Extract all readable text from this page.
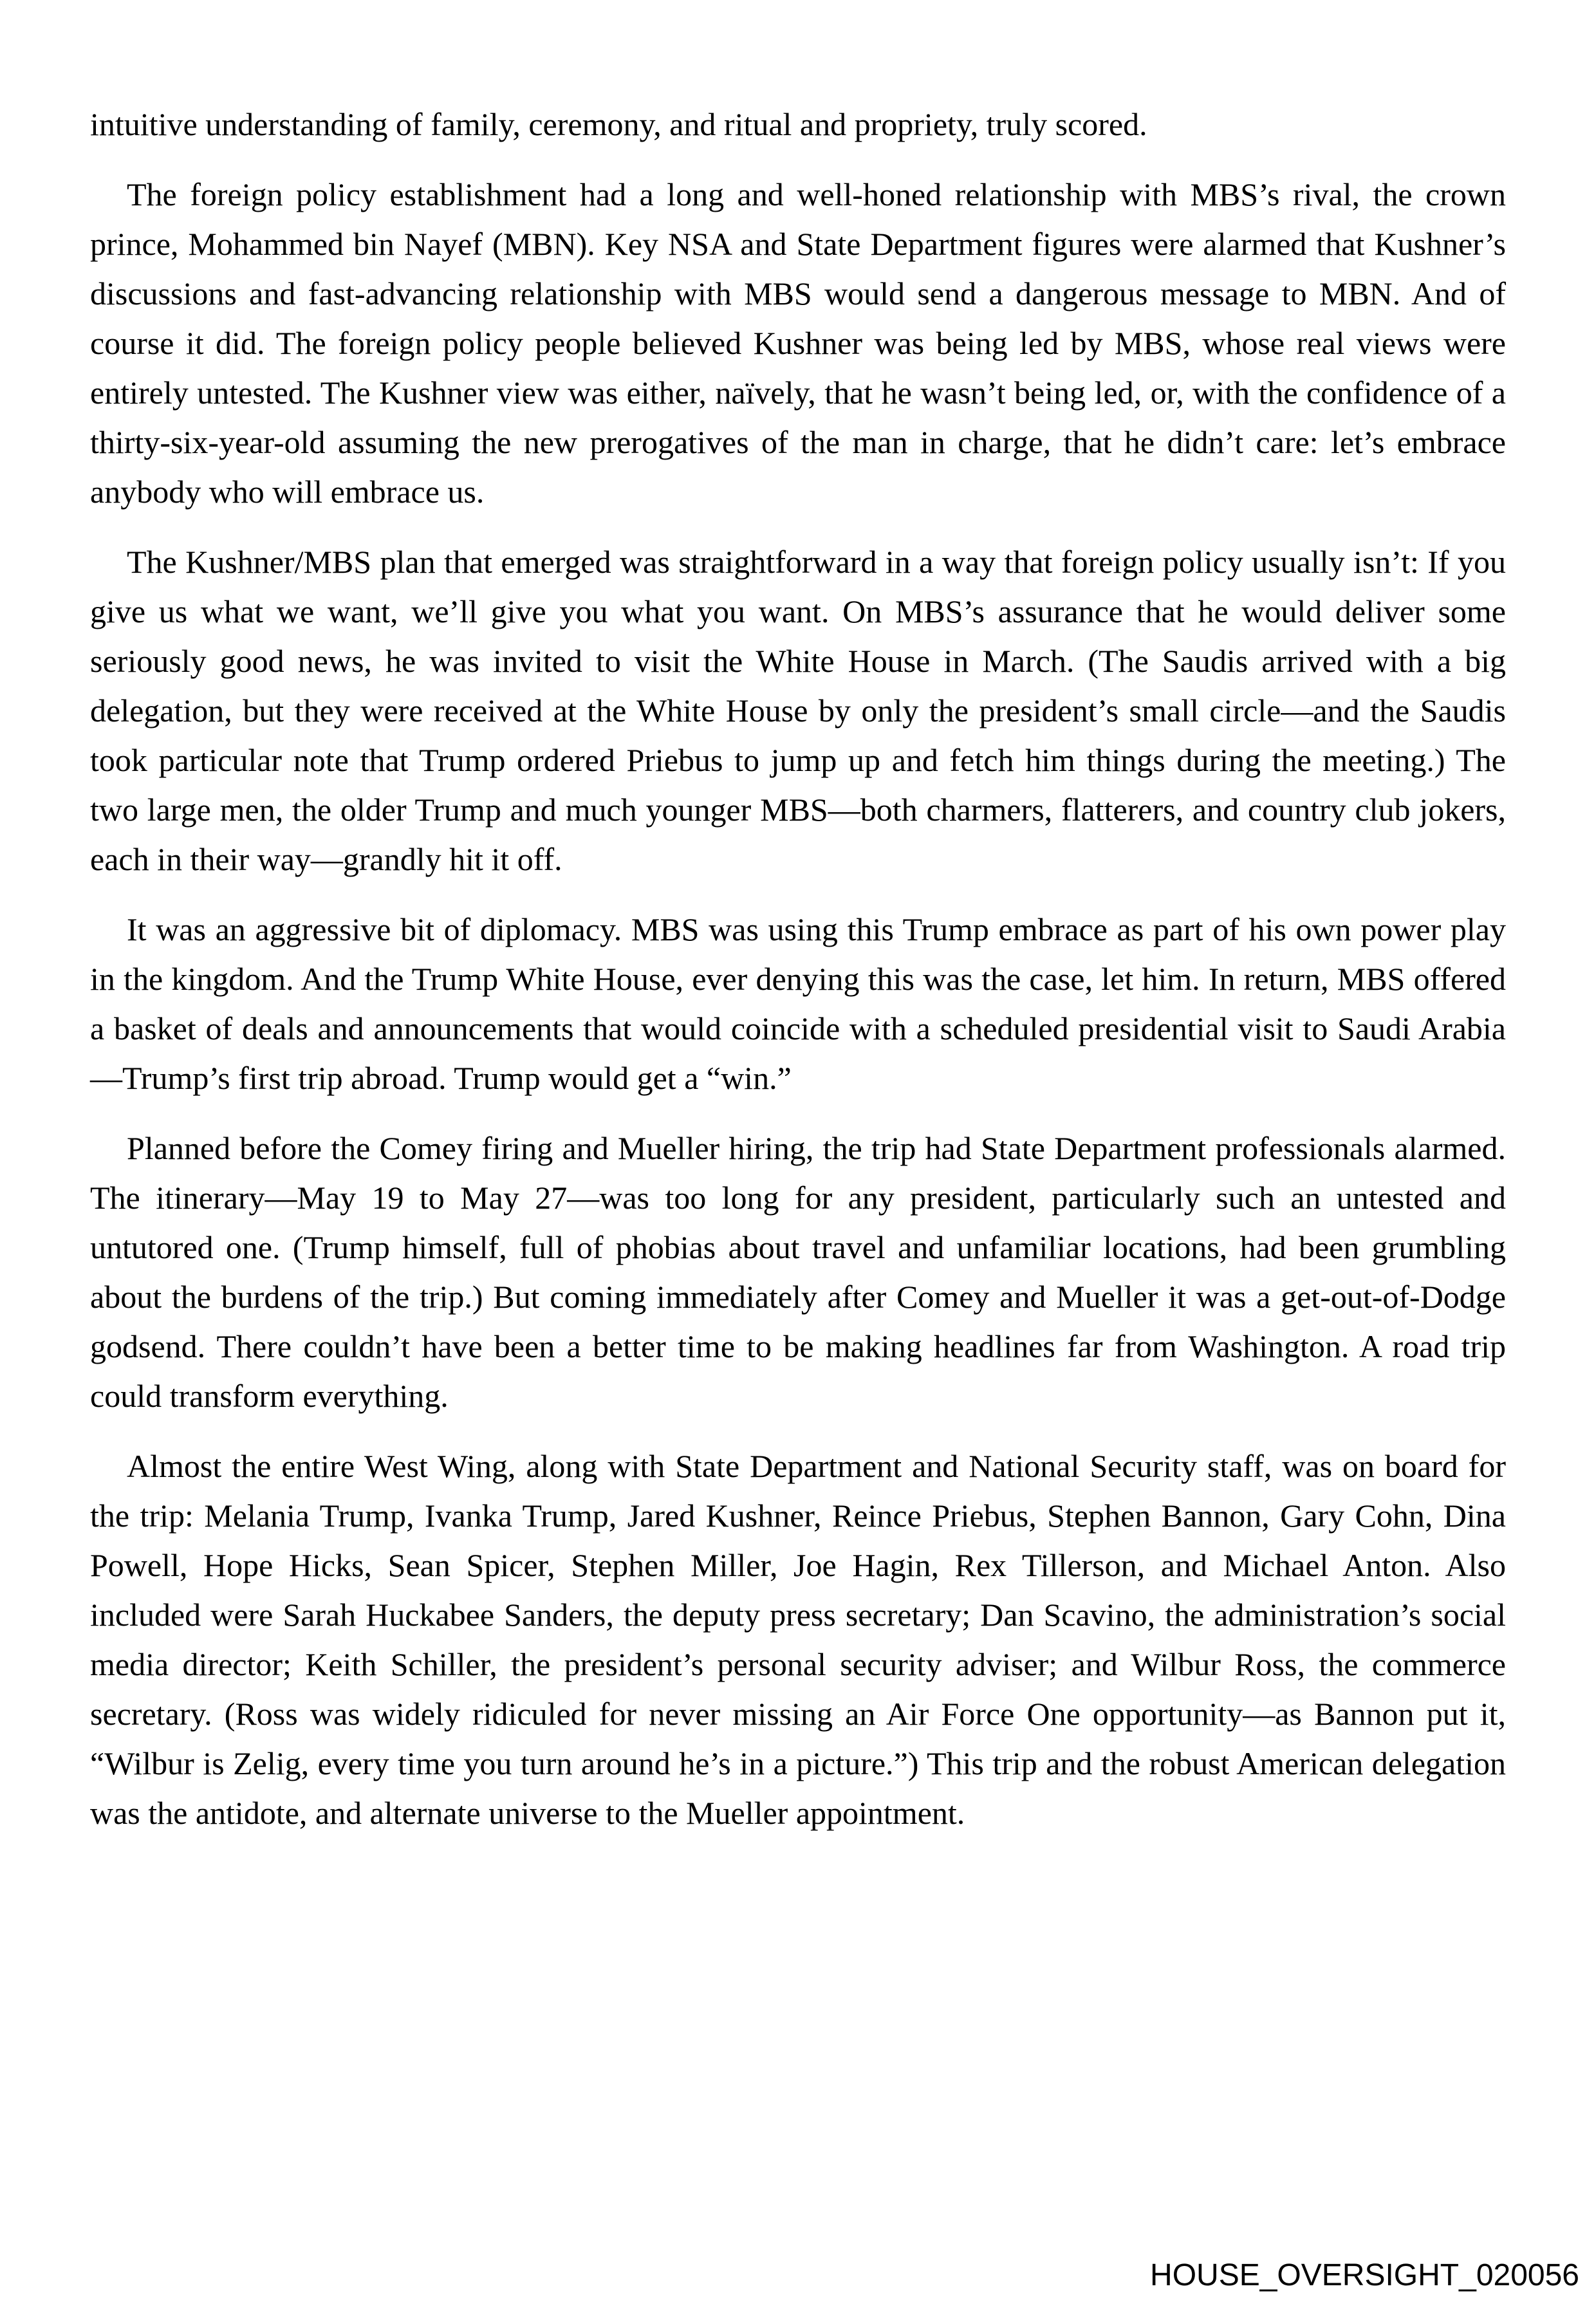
intuitive understanding of family, ceremony, and ritual and propriety, truly scored.

The foreign policy establishment had a long and well-honed relationship with MBS’s rival, the crown prince, Mohammed bin Nayef (MBN). Key NSA and State Department figures were alarmed that Kushner’s discussions and fast-advancing relationship with MBS would send a dangerous message to MBN. And of course it did. The foreign policy people believed Kushner was being led by MBS, whose real views were entirely untested. The Kushner view was either, naïvely, that he wasn’t being led, or, with the confidence of a thirty-six-year-old assuming the new prerogatives of the man in charge, that he didn’t care: let’s embrace anybody who will embrace us.

The Kushner/MBS plan that emerged was straightforward in a way that foreign policy usually isn’t: If you give us what we want, we’ll give you what you want. On MBS’s assurance that he would deliver some seriously good news, he was invited to visit the White House in March. (The Saudis arrived with a big delegation, but they were received at the White House by only the president’s small circle—and the Saudis took particular note that Trump ordered Priebus to jump up and fetch him things during the meeting.) The two large men, the older Trump and much younger MBS—both charmers, flatterers, and country club jokers, each in their way—grandly hit it off.

It was an aggressive bit of diplomacy. MBS was using this Trump embrace as part of his own power play in the kingdom. And the Trump White House, ever denying this was the case, let him. In return, MBS offered a basket of deals and announcements that would coincide with a scheduled presidential visit to Saudi Arabia—Trump’s first trip abroad. Trump would get a “win.”

Planned before the Comey firing and Mueller hiring, the trip had State Department professionals alarmed. The itinerary—May 19 to May 27—was too long for any president, particularly such an untested and untutored one. (Trump himself, full of phobias about travel and unfamiliar locations, had been grumbling about the burdens of the trip.) But coming immediately after Comey and Mueller it was a get-out-of-Dodge godsend. There couldn’t have been a better time to be making headlines far from Washington. A road trip could transform everything.

Almost the entire West Wing, along with State Department and National Security staff, was on board for the trip: Melania Trump, Ivanka Trump, Jared Kushner, Reince Priebus, Stephen Bannon, Gary Cohn, Dina Powell, Hope Hicks, Sean Spicer, Stephen Miller, Joe Hagin, Rex Tillerson, and Michael Anton. Also included were Sarah Huckabee Sanders, the deputy press secretary; Dan Scavino, the administration’s social media director; Keith Schiller, the president’s personal security adviser; and Wilbur Ross, the commerce secretary. (Ross was widely ridiculed for never missing an Air Force One opportunity—as Bannon put it, “Wilbur is Zelig, every time you turn around he’s in a picture.”) This trip and the robust American delegation was the antidote, and alternate universe to the Mueller appointment.

HOUSE_OVERSIGHT_020056
